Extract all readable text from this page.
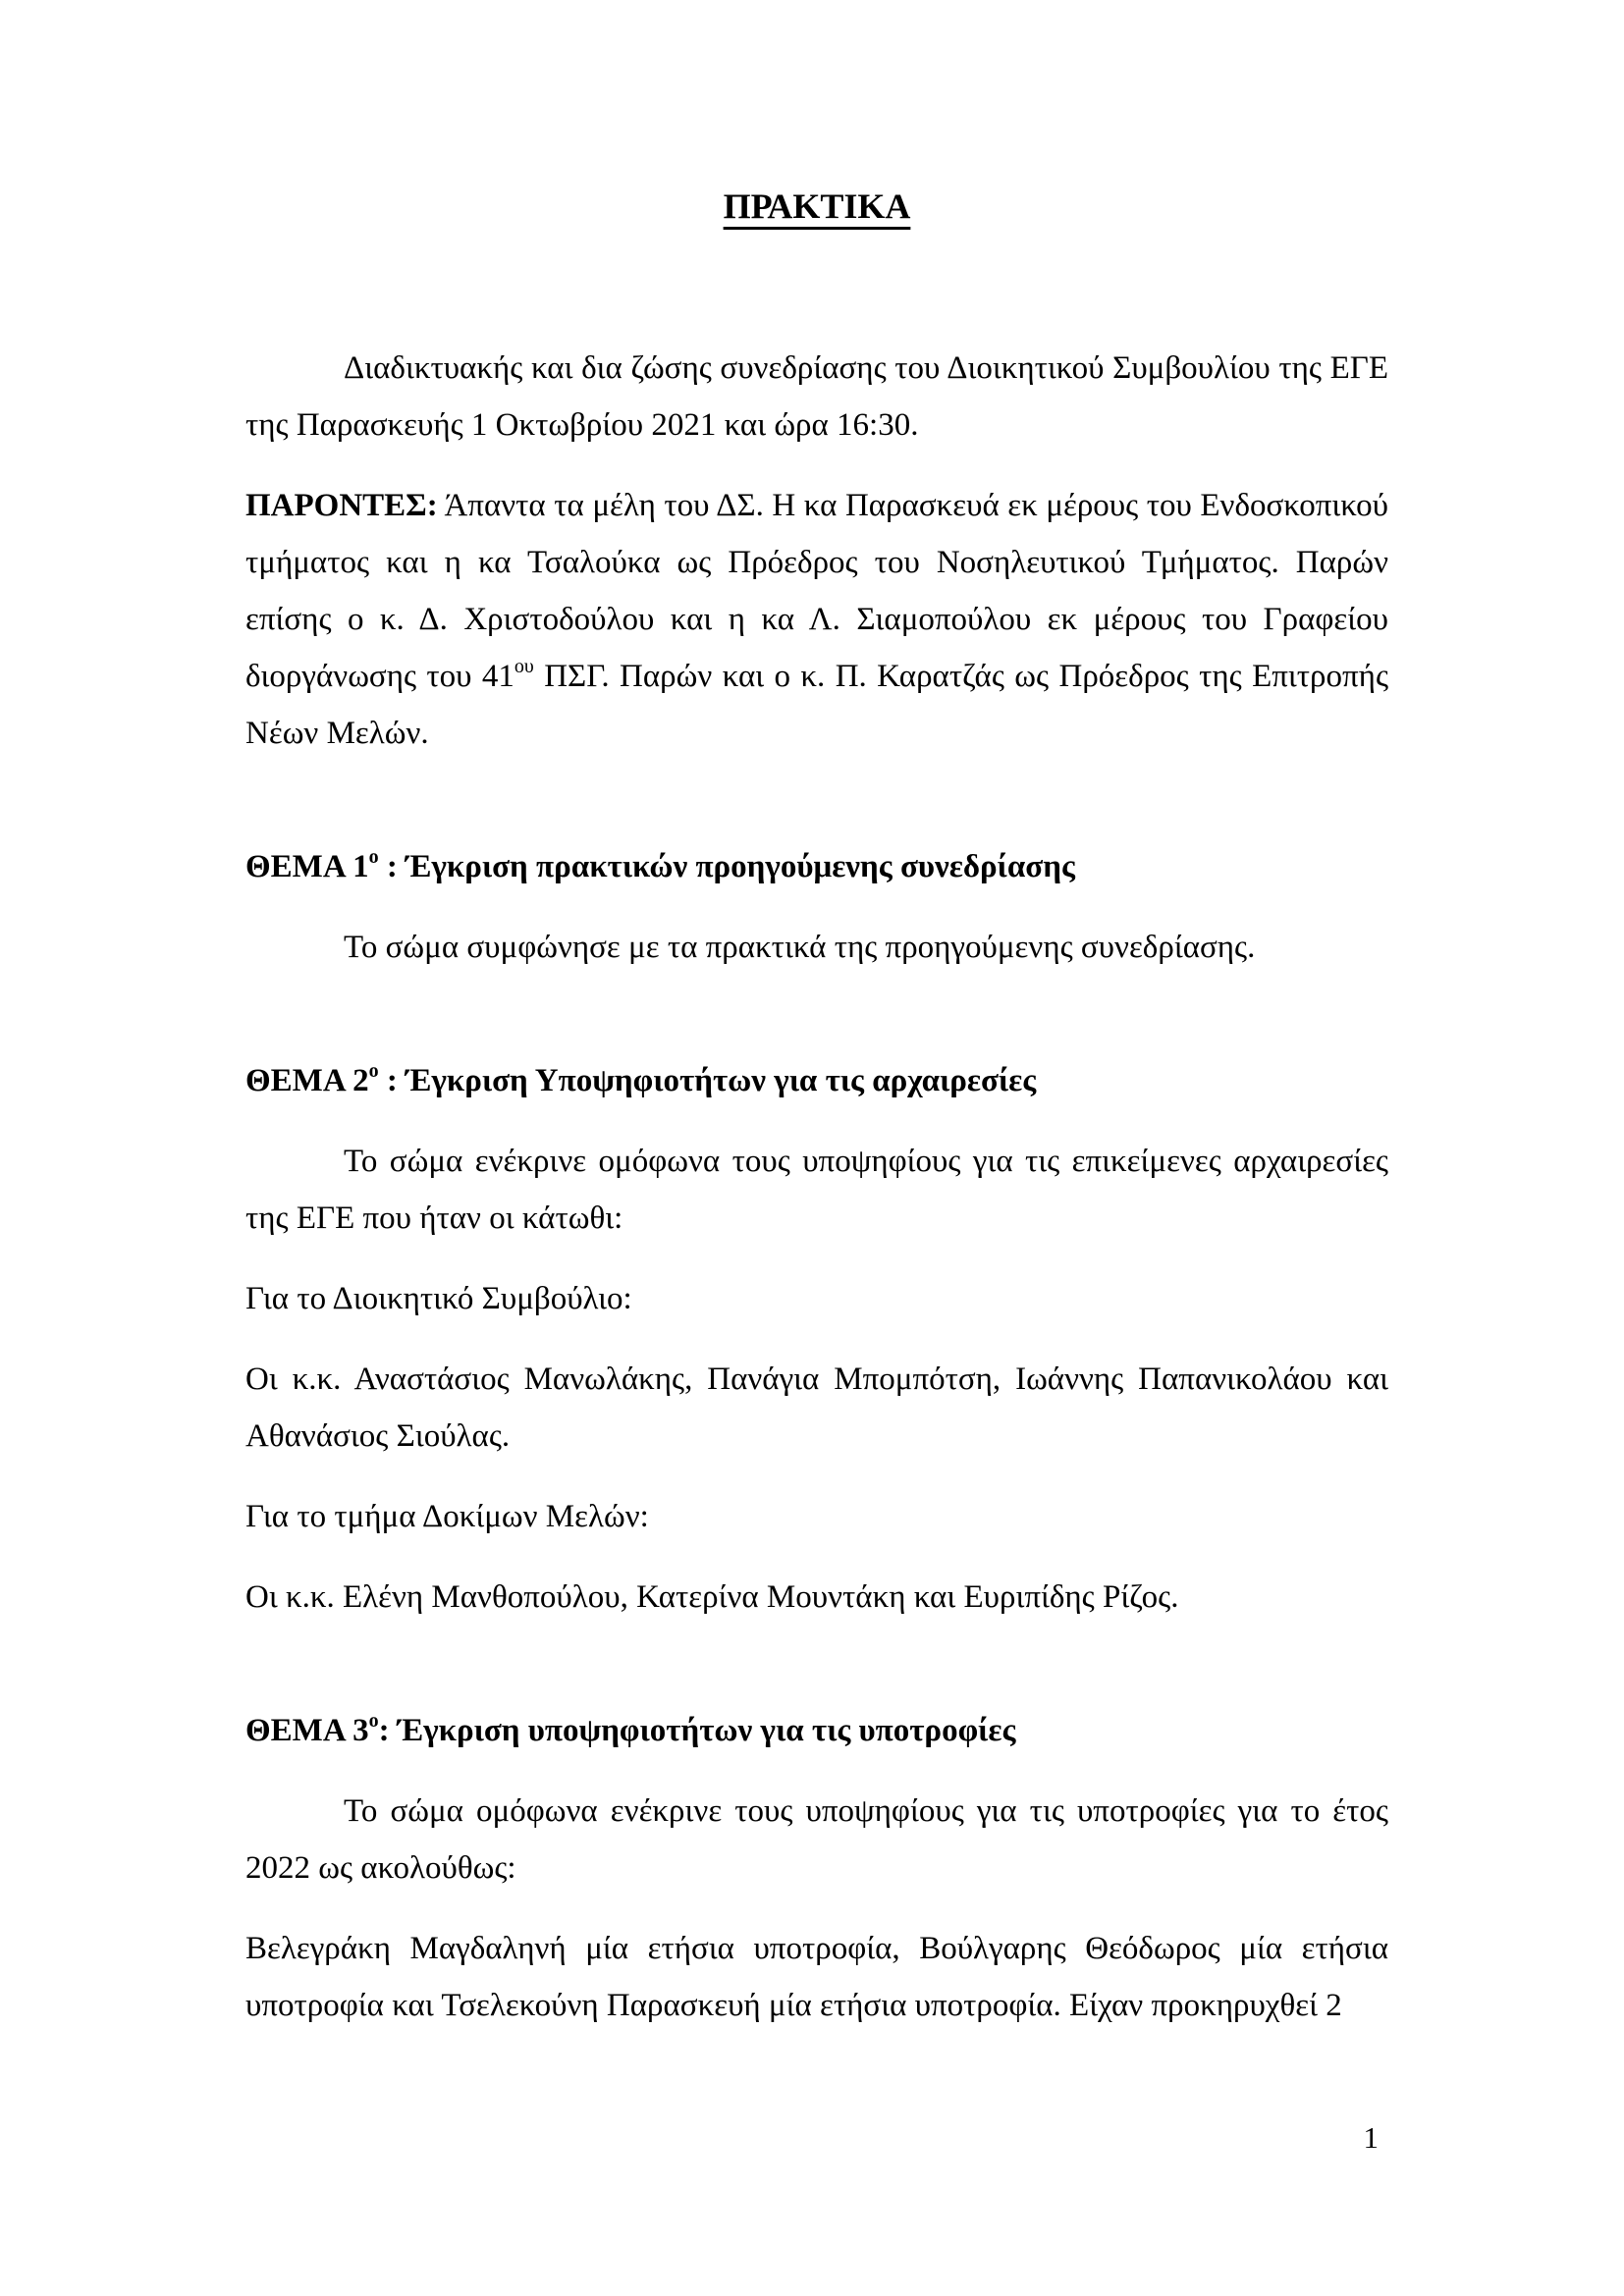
ΠΡΑΚΤΙΚΑ

Διαδικτυακής και δια ζώσης συνεδρίασης του Διοικητικού Συμβουλίου της ΕΓΕ της Παρασκευής 1 Οκτωβρίου 2021 και ώρα 16:30.

ΠΑΡΟΝΤΕΣ: Άπαντα τα μέλη του ΔΣ. Η κα Παρασκευά εκ μέρους του Ενδοσκοπικού τμήματος και η κα Τσαλούκα ως Πρόεδρος του Νοσηλευτικού Τμήματος. Παρών επίσης ο κ. Δ. Χριστοδούλου και η κα Λ. Σιαμοπούλου εκ μέρους του Γραφείου διοργάνωσης του $41^{o\upsilon}$ ΠΣΓ. Παρών και ο κ. Π. Καρατζάς ως Πρόεδρος της Επιτροπής Νέων Μελών.

ΘΕΜΑ $1^o$ : Έγκριση πρακτικών προηγούμενης συνεδρίασης

Το σώμα συμφώνησε με τα πρακτικά της προηγούμενης συνεδρίασης.

ΘΕΜΑ $2^o$ : Έγκριση Υποψηφιοτήτων για τις αρχαιρεσίες

Το σώμα ενέκρινε ομόφωνα τους υποψηφίους για τις επικείμενες αρχαιρεσίες της ΕΓΕ που ήταν οι κάτωθι:

Για το Διοικητικό Συμβούλιο:

Οι κ.κ. Αναστάσιος Μανωλάκης, Πανάγια Μπομπότση, Ιωάννης Παπανικολάου και Αθανάσιος Σιούλας.

Για το τμήμα Δοκίμων Μελών:

Οι κ.κ. Ελένη Μανθοπούλου, Κατερίνα Μουντάκη και Ευριπίδης Ρίζος.

ΘΕΜΑ $3^o$: Έγκριση υποψηφιοτήτων για τις υποτροφίες

Το σώμα ομόφωνα ενέκρινε τους υποψηφίους για τις υποτροφίες για το έτος 2022 ως ακολούθως:

Βελεγράκη Μαγδαληνή μία ετήσια υποτροφία, Βούλγαρης Θεόδωρος μία ετήσια υποτροφία και Τσελεκούνη Παρασκευή μία ετήσια υποτροφία. Είχαν προκηρυχθεί 2

1
